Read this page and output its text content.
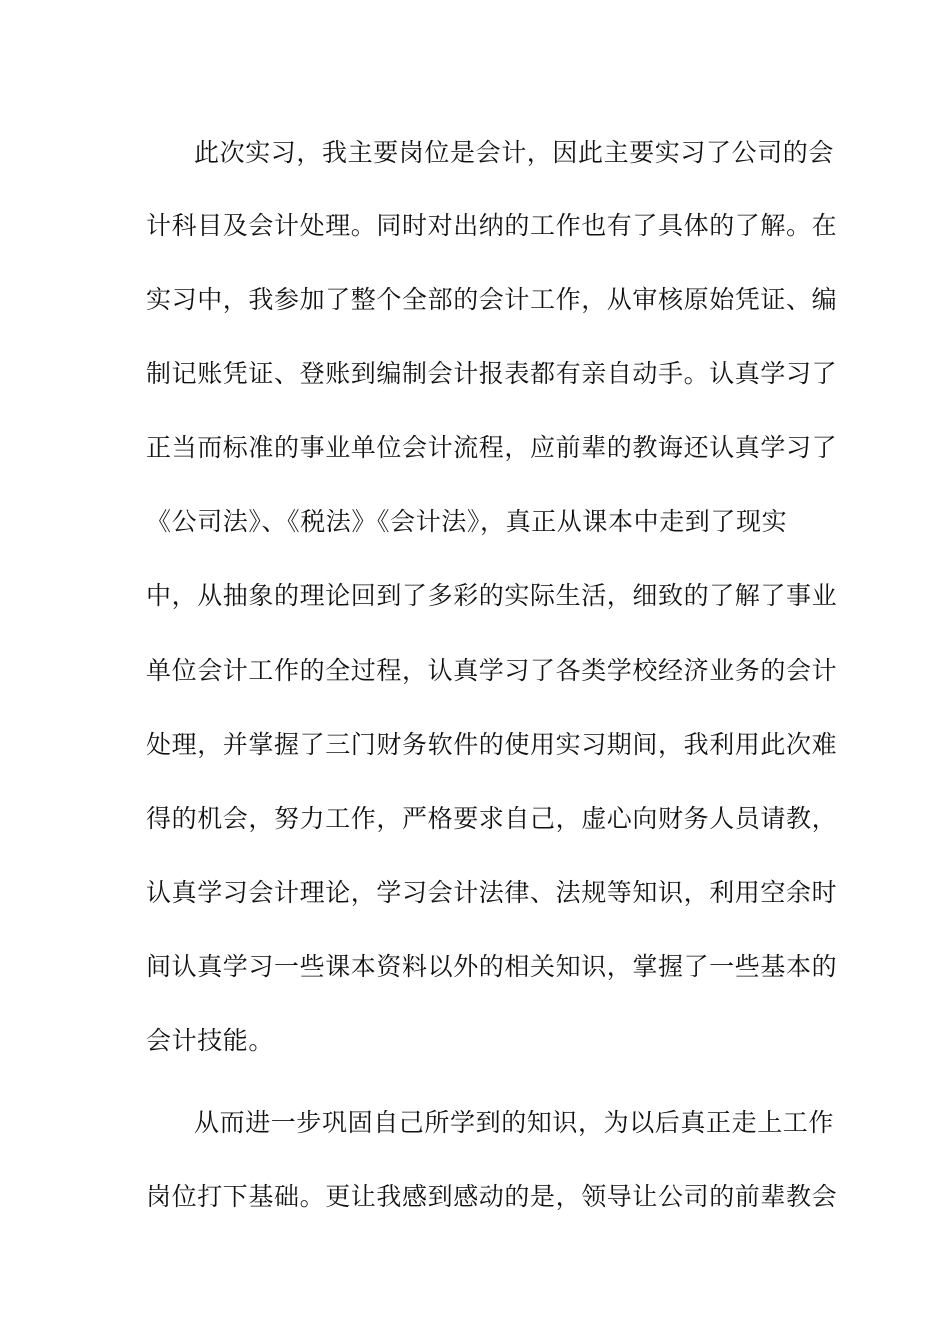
此次实习，我主要岗位是会计，因此主要实习了公司的会
计科目及会计处理。同时对出纳的工作也有了具体的了解。在
实习中，我参加了整个全部的会计工作，从审核原始凭证、编
制记账凭证、登账到编制会计报表都有亲自动手。认真学习了
正当而标准的事业单位会计流程，应前辈的教诲还认真学习了
《公司法》、《税法》《会计法》，真正从课本中走到了现实
中，从抽象的理论回到了多彩的实际生活，细致的了解了事业
单位会计工作的全过程，认真学习了各类学校经济业务的会计
处理，并掌握了三门财务软件的使用实习期间，我利用此次难
得的机会，努力工作，严格要求自己，虚心向财务人员请教，
认真学习会计理论，学习会计法律、法规等知识，利用空余时
间认真学习一些课本资料以外的相关知识，掌握了一些基本的
会计技能。
从而进一步巩固自己所学到的知识，为以后真正走上工作
岗位打下基础。更让我感到感动的是，领导让公司的前辈教会
